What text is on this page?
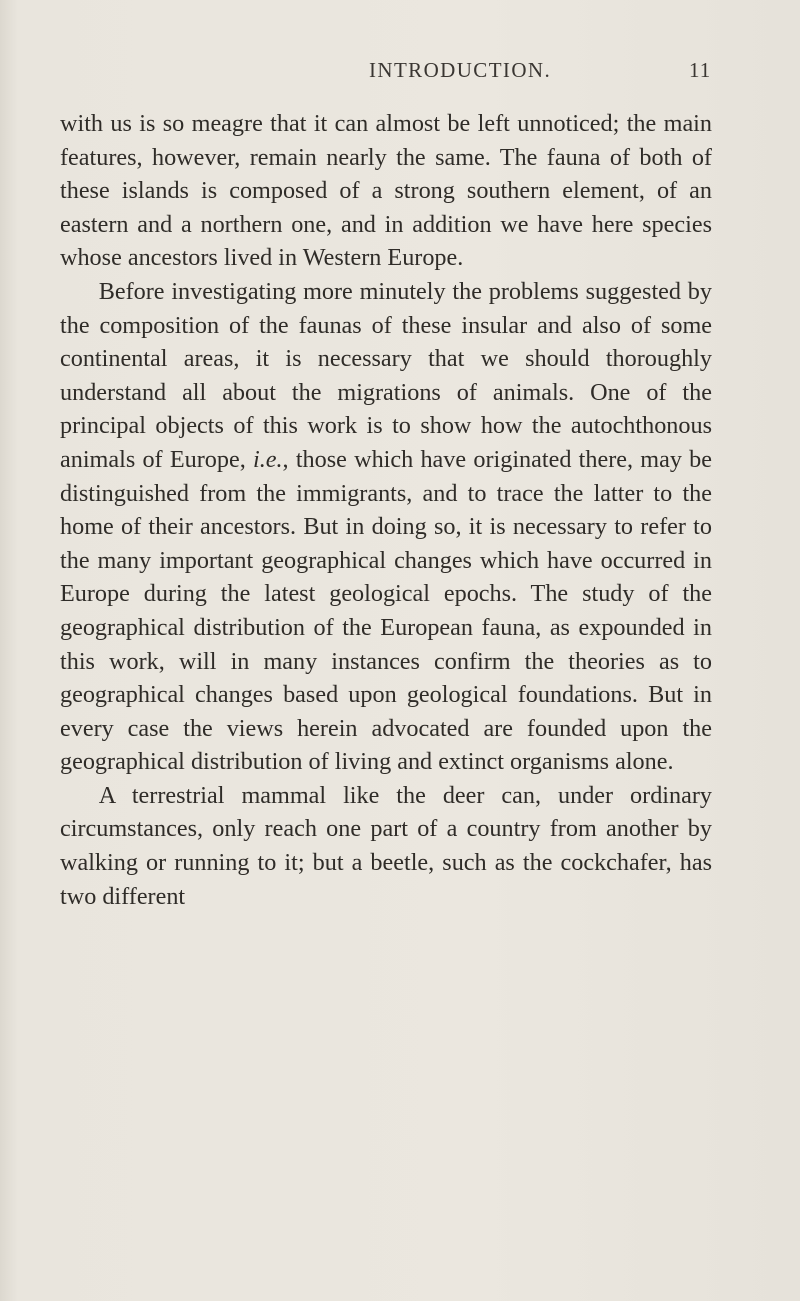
INTRODUCTION.	11

with us is so meagre that it can almost be left unnoticed; the main features, however, remain nearly the same. The fauna of both of these islands is composed of a strong southern element, of an eastern and a northern one, and in addition we have here species whose ancestors lived in Western Europe.

Before investigating more minutely the problems suggested by the composition of the faunas of these insular and also of some continental areas, it is necessary that we should thoroughly understand all about the migrations of animals. One of the principal objects of this work is to show how the autochthonous animals of Europe, i.e., those which have originated there, may be distinguished from the immigrants, and to trace the latter to the home of their ancestors. But in doing so, it is necessary to refer to the many important geographical changes which have occurred in Europe during the latest geological epochs. The study of the geographical distribution of the European fauna, as expounded in this work, will in many instances confirm the theories as to geographical changes based upon geological foundations. But in every case the views herein advocated are founded upon the geographical distribution of living and extinct organisms alone.

A terrestrial mammal like the deer can, under ordinary circumstances, only reach one part of a country from another by walking or running to it; but a beetle, such as the cockchafer, has two different
